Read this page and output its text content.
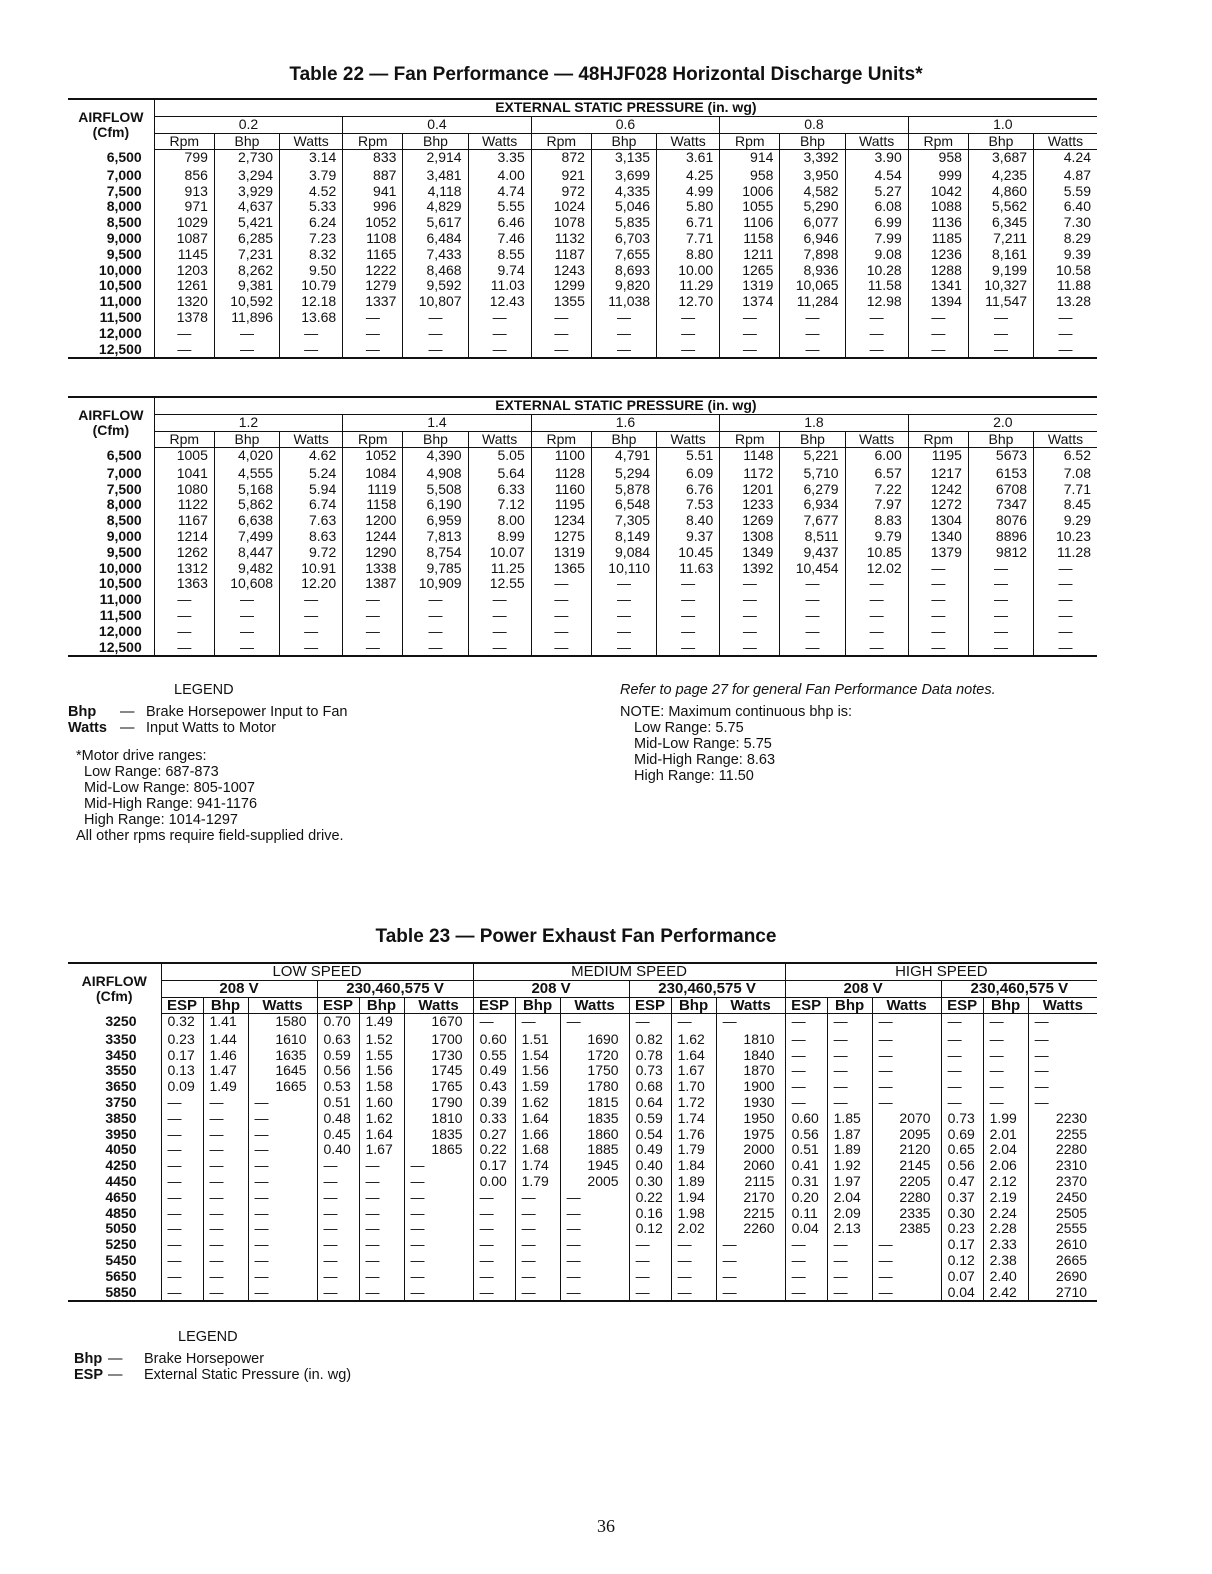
Table 22 — Fan Performance — 48HJF028 Horizontal Discharge Units*
AIRFLOW
(Cfm)	EXTERNAL STATIC PRESSURE (in. wg)														
	0.2			0.4			0.6			0.8			1.0		
	Rpm	Bhp	Watts	Rpm	Bhp	Watts	Rpm	Bhp	Watts	Rpm	Bhp	Watts	Rpm	Bhp	Watts
6,500	799	2,730	3.14	833	2,914	3.35	872	3,135	3.61	914	3,392	3.90	958	3,687	4.24
7,000	856	3,294	3.79	887	3,481	4.00	921	3,699	4.25	958	3,950	4.54	999	4,235	4.87
7,500	913	3,929	4.52	941	4,118	4.74	972	4,335	4.99	1006	4,582	5.27	1042	4,860	5.59
8,000	971	4,637	5.33	996	4,829	5.55	1024	5,046	5.80	1055	5,290	6.08	1088	5,562	6.40
8,500	1029	5,421	6.24	1052	5,617	6.46	1078	5,835	6.71	1106	6,077	6.99	1136	6,345	7.30
9,000	1087	6,285	7.23	1108	6,484	7.46	1132	6,703	7.71	1158	6,946	7.99	1185	7,211	8.29
9,500	1145	7,231	8.32	1165	7,433	8.55	1187	7,655	8.80	1211	7,898	9.08	1236	8,161	9.39
10,000	1203	8,262	9.50	1222	8,468	9.74	1243	8,693	10.00	1265	8,936	10.28	1288	9,199	10.58
10,500	1261	9,381	10.79	1279	9,592	11.03	1299	9,820	11.29	1319	10,065	11.58	1341	10,327	11.88
11,000	1320	10,592	12.18	1337	10,807	12.43	1355	11,038	12.70	1374	11,284	12.98	1394	11,547	13.28
11,500	1378	11,896	13.68	—	—	—	—	—	—	—	—	—	—	—	—
12,000	—	—	—	—	—	—	—	—	—	—	—	—	—	—	—
12,500	—	—	—	—	—	—	—	—	—	—	—	—	—	—	—
AIRFLOW
(Cfm)	EXTERNAL STATIC PRESSURE (in. wg)														
	1.2			1.4			1.6			1.8			2.0		
	Rpm	Bhp	Watts	Rpm	Bhp	Watts	Rpm	Bhp	Watts	Rpm	Bhp	Watts	Rpm	Bhp	Watts
6,500	1005	4,020	4.62	1052	4,390	5.05	1100	4,791	5.51	1148	5,221	6.00	1195	5673	6.52
7,000	1041	4,555	5.24	1084	4,908	5.64	1128	5,294	6.09	1172	5,710	6.57	1217	6153	7.08
7,500	1080	5,168	5.94	1119	5,508	6.33	1160	5,878	6.76	1201	6,279	7.22	1242	6708	7.71
8,000	1122	5,862	6.74	1158	6,190	7.12	1195	6,548	7.53	1233	6,934	7.97	1272	7347	8.45
8,500	1167	6,638	7.63	1200	6,959	8.00	1234	7,305	8.40	1269	7,677	8.83	1304	8076	9.29
9,000	1214	7,499	8.63	1244	7,813	8.99	1275	8,149	9.37	1308	8,511	9.79	1340	8896	10.23
9,500	1262	8,447	9.72	1290	8,754	10.07	1319	9,084	10.45	1349	9,437	10.85	1379	9812	11.28
10,000	1312	9,482	10.91	1338	9,785	11.25	1365	10,110	11.63	1392	10,454	12.02	—	—	—
10,500	1363	10,608	12.20	1387	10,909	12.55	—	—	—	—	—	—	—	—	—
11,000	—	—	—	—	—	—	—	—	—	—	—	—	—	—	—
11,500	—	—	—	—	—	—	—	—	—	—	—	—	—	—	—
12,000	—	—	—	—	—	—	—	—	—	—	—	—	—	—	—
12,500	—	—	—	—	—	—	—	—	—	—	—	—	—	—	—
LEGEND
Bhp	— Brake Horsepower Input to Fan
Watts — Input Watts to Motor
*Motor drive ranges:
Low Range: 687-873
Mid-Low Range: 805-1007
Mid-High Range: 941-1176
High Range: 1014-1297
All other rpms require field-supplied drive.
Refer to page 27 for general Fan Performance Data notes.
NOTE: Maximum continuous bhp is:
Low Range: 5.75
Mid-Low Range: 5.75
Mid-High Range: 8.63
High Range: 11.50
Table 23 — Power Exhaust Fan Performance
AIRFLOW
(Cfm)	LOW SPEED						MEDIUM SPEED						HIGH SPEED					
	208 V			230,460,575 V			208 V			230,460,575 V			208 V			230,460,575 V		
	ESP	Bhp	Watts	ESP	Bhp	Watts	ESP	Bhp	Watts	ESP	Bhp	Watts	ESP	Bhp	Watts	ESP	Bhp	Watts
3250	0.32	1.41	1580	0.70	1.49	1670	—	—	—	—	—	—	—	—	—	—	—	—
3350	0.23	1.44	1610	0.63	1.52	1700	0.60	1.51	1690	0.82	1.62	1810	—	—	—	—	—	—
3450	0.17	1.46	1635	0.59	1.55	1730	0.55	1.54	1720	0.78	1.64	1840	—	—	—	—	—	—
3550	0.13	1.47	1645	0.56	1.56	1745	0.49	1.56	1750	0.73	1.67	1870	—	—	—	—	—	—
3650	0.09	1.49	1665	0.53	1.58	1765	0.43	1.59	1780	0.68	1.70	1900	—	—	—	—	—	—
3750	—	—	—	0.51	1.60	1790	0.39	1.62	1815	0.64	1.72	1930	—	—	—	—	—	—
3850	—	—	—	0.48	1.62	1810	0.33	1.64	1835	0.59	1.74	1950	0.60	1.85	2070	0.73	1.99	2230
3950	—	—	—	0.45	1.64	1835	0.27	1.66	1860	0.54	1.76	1975	0.56	1.87	2095	0.69	2.01	2255
4050	—	—	—	0.40	1.67	1865	0.22	1.68	1885	0.49	1.79	2000	0.51	1.89	2120	0.65	2.04	2280
4250	—	—	—	—	—	—	0.17	1.74	1945	0.40	1.84	2060	0.41	1.92	2145	0.56	2.06	2310
4450	—	—	—	—	—	—	0.00	1.79	2005	0.30	1.89	2115	0.31	1.97	2205	0.47	2.12	2370
4650	—	—	—	—	—	—	—	—	—	0.22	1.94	2170	0.20	2.04	2280	0.37	2.19	2450
4850	—	—	—	—	—	—	—	—	—	0.16	1.98	2215	0.11	2.09	2335	0.30	2.24	2505
5050	—	—	—	—	—	—	—	—	—	0.12	2.02	2260	0.04	2.13	2385	0.23	2.28	2555
5250	—	—	—	—	—	—	—	—	—	—	—	—	—	—	—	0.17	2.33	2610
5450	—	—	—	—	—	—	—	—	—	—	—	—	—	—	—	0.12	2.38	2665
5650	—	—	—	—	—	—	—	—	—	—	—	—	—	—	—	0.07	2.40	2690
5850	—	—	—	—	—	—	—	—	—	—	—	—	—	—	—	0.04	2.42	2710
LEGEND
Bhp —	Brake Horsepower
ESP —	External Static Pressure (in. wg)
36
